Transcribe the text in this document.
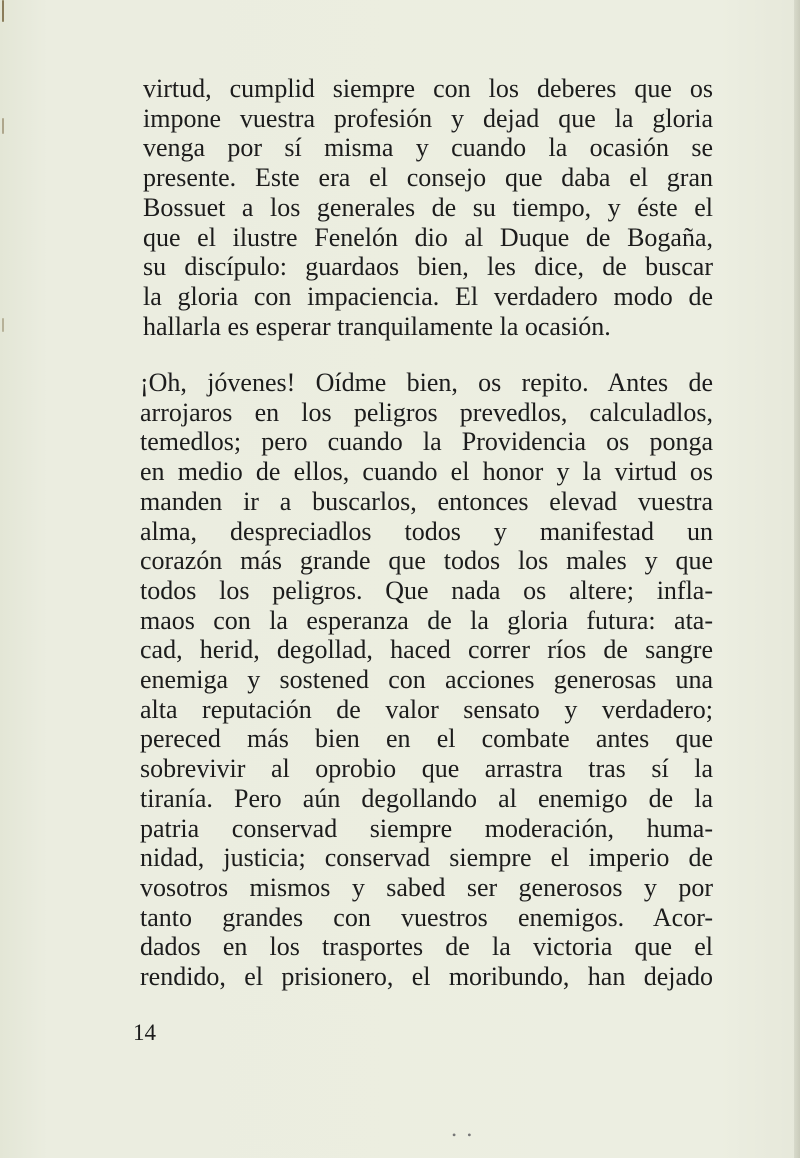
virtud, cumplid siempre con los deberes que os
impone vuestra profesión y dejad que la gloria
venga por sí misma y cuando la ocasión se
presente. Este era el consejo que daba el gran
Bossuet a los generales de su tiempo, y éste el
que el ilustre Fenelón dio al Duque de Bogaña,
su discípulo: guardaos bien, les dice, de buscar
la gloria con impaciencia. El verdadero modo de
hallarla es esperar tranquilamente la ocasión.
¡Oh, jóvenes! Oídme bien, os repito. Antes de
arrojaros en los peligros prevedlos, calculadlos,
temedlos; pero cuando la Providencia os ponga
en medio de ellos, cuando el honor y la virtud os
manden ir a buscarlos, entonces elevad vuestra
alma, despreciadlos todos y manifestad un
corazón más grande que todos los males y que
todos los peligros. Que nada os altere; infla-
maos con la esperanza de la gloria futura: ata-
cad, herid, degollad, haced correr ríos de sangre
enemiga y sostened con acciones generosas una
alta reputación de valor sensato y verdadero;
pereced más bien en el combate antes que
sobrevivir al oprobio que arrastra tras sí la
tiranía. Pero aún degollando al enemigo de la
patria conservad siempre moderación, huma-
nidad, justicia; conservad siempre el imperio de
vosotros mismos y sabed ser generosos y por
tanto grandes con vuestros enemigos. Acor-
dados en los trasportes de la victoria que el
rendido, el prisionero, el moribundo, han dejado
14
• •
